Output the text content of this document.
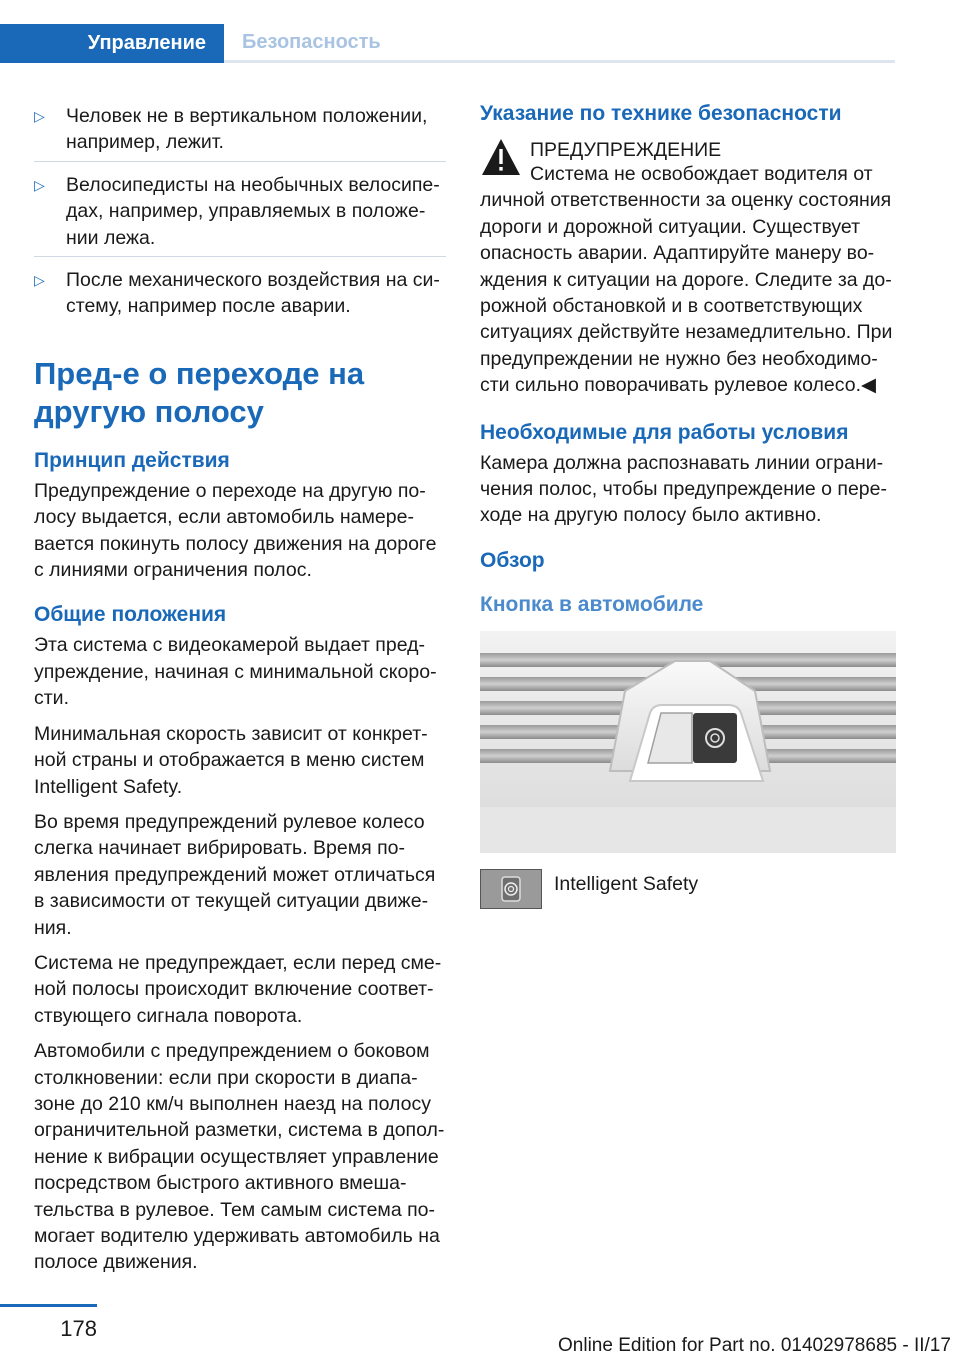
Управление	Безопасность
▷	Человек не в вертикальном положении, например, лежит.
▷	Велосипедисты на необычных велосипедах, например, управляемых в положении лежа.
▷	После механического воздействия на систему, например после аварии.
Пред-е о переходе на другую полосу
Принцип действия

Предупреждение о переходе на другую полосу выдается, если автомобиль намеревается покинуть полосу движения на дороге с линиями ограничения полос.

Общие положения

Эта система с видеокамерой выдает предупреждение, начиная с минимальной скорости.

Минимальная скорость зависит от конкретной страны и отображается в меню систем Intelligent Safety.

Во время предупреждений рулевое колесо слегка начинает вибрировать. Время появления предупреждений может отличаться в зависимости от текущей ситуации движения.

Система не предупреждает, если перед сменой полосы происходит включение соответствующего сигнала поворота.

Автомобили с предупреждением о боковом столкновении: если при скорости в диапазоне до 210 км/ч выполнен наезд на полосу ограничительной разметки, система в дополнение к вибрации осуществляет управление посредством быстрого активного вмешательства в рулевое. Тем самым система помогает водителю удерживать автомобиль на полосе движения.

Указание по технике безопасности
ПРЕДУПРЕЖДЕНИЕ
Система не освобождает водителя от личной ответственности за оценку состояния дороги и дорожной ситуации. Существует опасность аварии. Адаптируйте манеру вождения к ситуации на дороге. Следите за дорожной обстановкой и в соответствующих ситуациях действуйте незамедлительно. При предупреждении не нужно без необходимости сильно поворачивать рулевое колесо.◀
Необходимые для работы условия

Камера должна распознавать линии ограничения полос, чтобы предупреждение о переходе на другую полосу было активно.

Обзор
Кнопка в автомобиле
Intelligent Safety
178
Online Edition for Part no. 01402978685 - II/17
